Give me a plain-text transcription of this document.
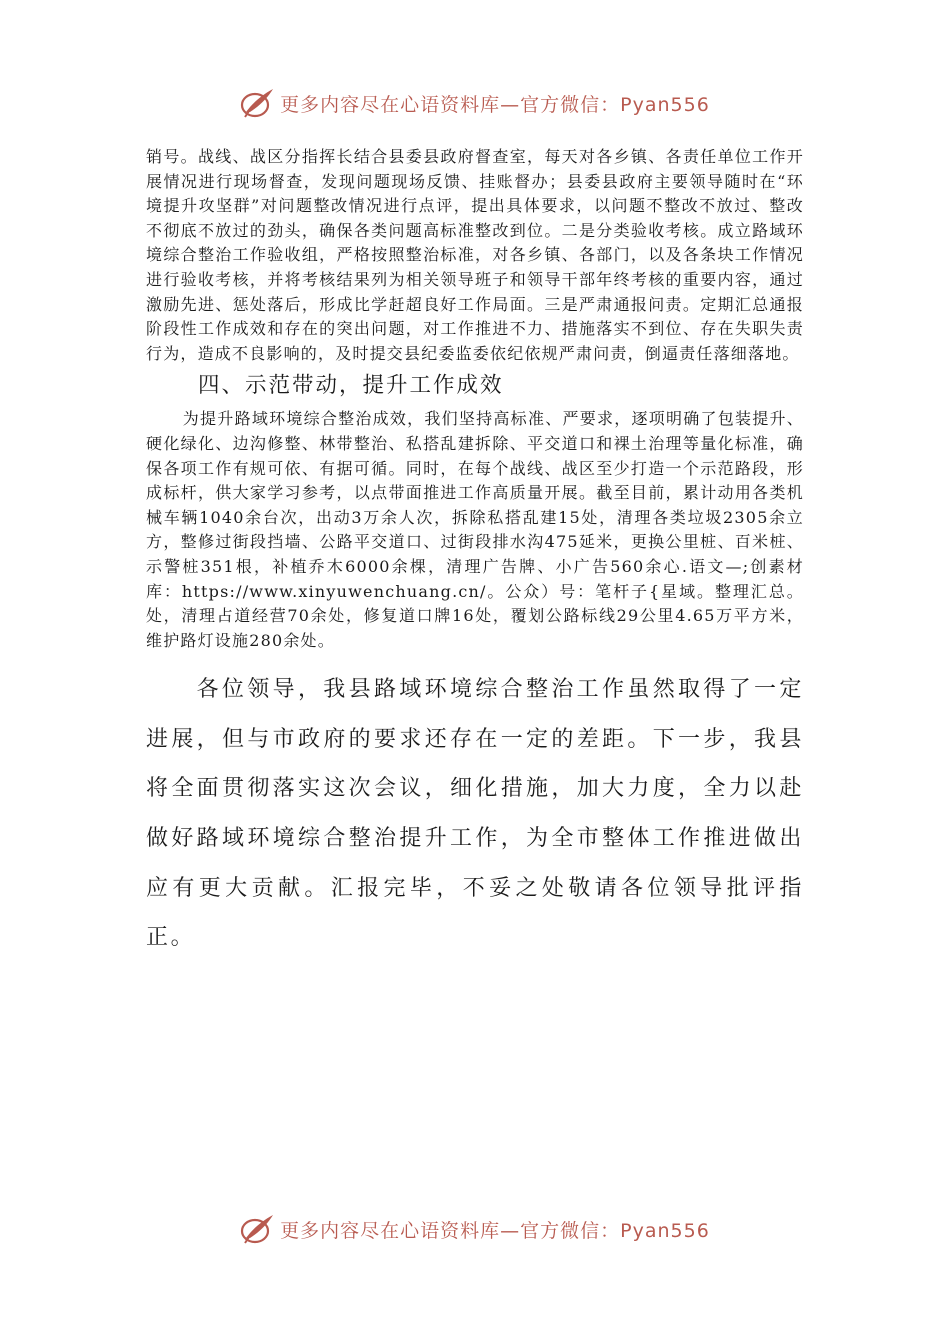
更多内容尽在心语资料库—官方微信：Pyan556

销号。战线、战区分指挥长结合县委县政府督查室，每天对各乡镇、各责任单位工作开展情况进行现场督查，发现问题现场反馈、挂账督办；县委县政府主要领导随时在“环境提升攻坚群”对问题整改情况进行点评，提出具体要求，以问题不整改不放过、整改不彻底不放过的劲头，确保各类问题高标准整改到位。二是分类验收考核。成立路域环境综合整治工作验收组，严格按照整治标准，对各乡镇、各部门，以及各条块工作情况进行验收考核，并将考核结果列为相关领导班子和领导干部年终考核的重要内容，通过激励先进、惩处落后，形成比学赶超良好工作局面。三是严肃通报问责。定期汇总通报阶段性工作成效和存在的突出问题，对工作推进不力、措施落实不到位、存在失职失责行为，造成不良影响的，及时提交县纪委监委依纪依规严肃问责，倒逼责任落细落地。

四、示范带动，提升工作成效

为提升路域环境综合整治成效，我们坚持高标准、严要求，逐项明确了包装提升、硬化绿化、边沟修整、林带整治、私搭乱建拆除、平交道口和裸土治理等量化标准，确保各项工作有规可依、有据可循。同时，在每个战线、战区至少打造一个示范路段，形成标杆，供大家学习参考，以点带面推进工作高质量开展。截至目前，累计动用各类机械车辆1040余台次，出动3万余人次，拆除私搭乱建15处，清理各类垃圾2305余立方，整修过街段挡墙、公路平交道口、过街段排水沟475延米，更换公里桩、百米桩、示警桩351根，补植乔木6000余棵，清理广告牌、小广告560余心.语文—;创素材库：https://www.xinyuwenchuang.cn/。公众）号：笔杆子{星域。整理汇总。处，清理占道经营70余处，修复道口牌16处，覆划公路标线29公里4.65万平方米，维护路灯设施280余处。

各位领导，我县路域环境综合整治工作虽然取得了一定进展，但与市政府的要求还存在一定的差距。下一步，我县将全面贯彻落实这次会议，细化措施，加大力度，全力以赴做好路域环境综合整治提升工作，为全市整体工作推进做出应有更大贡献。汇报完毕，不妥之处敬请各位领导批评指正。

更多内容尽在心语资料库—官方微信：Pyan556
